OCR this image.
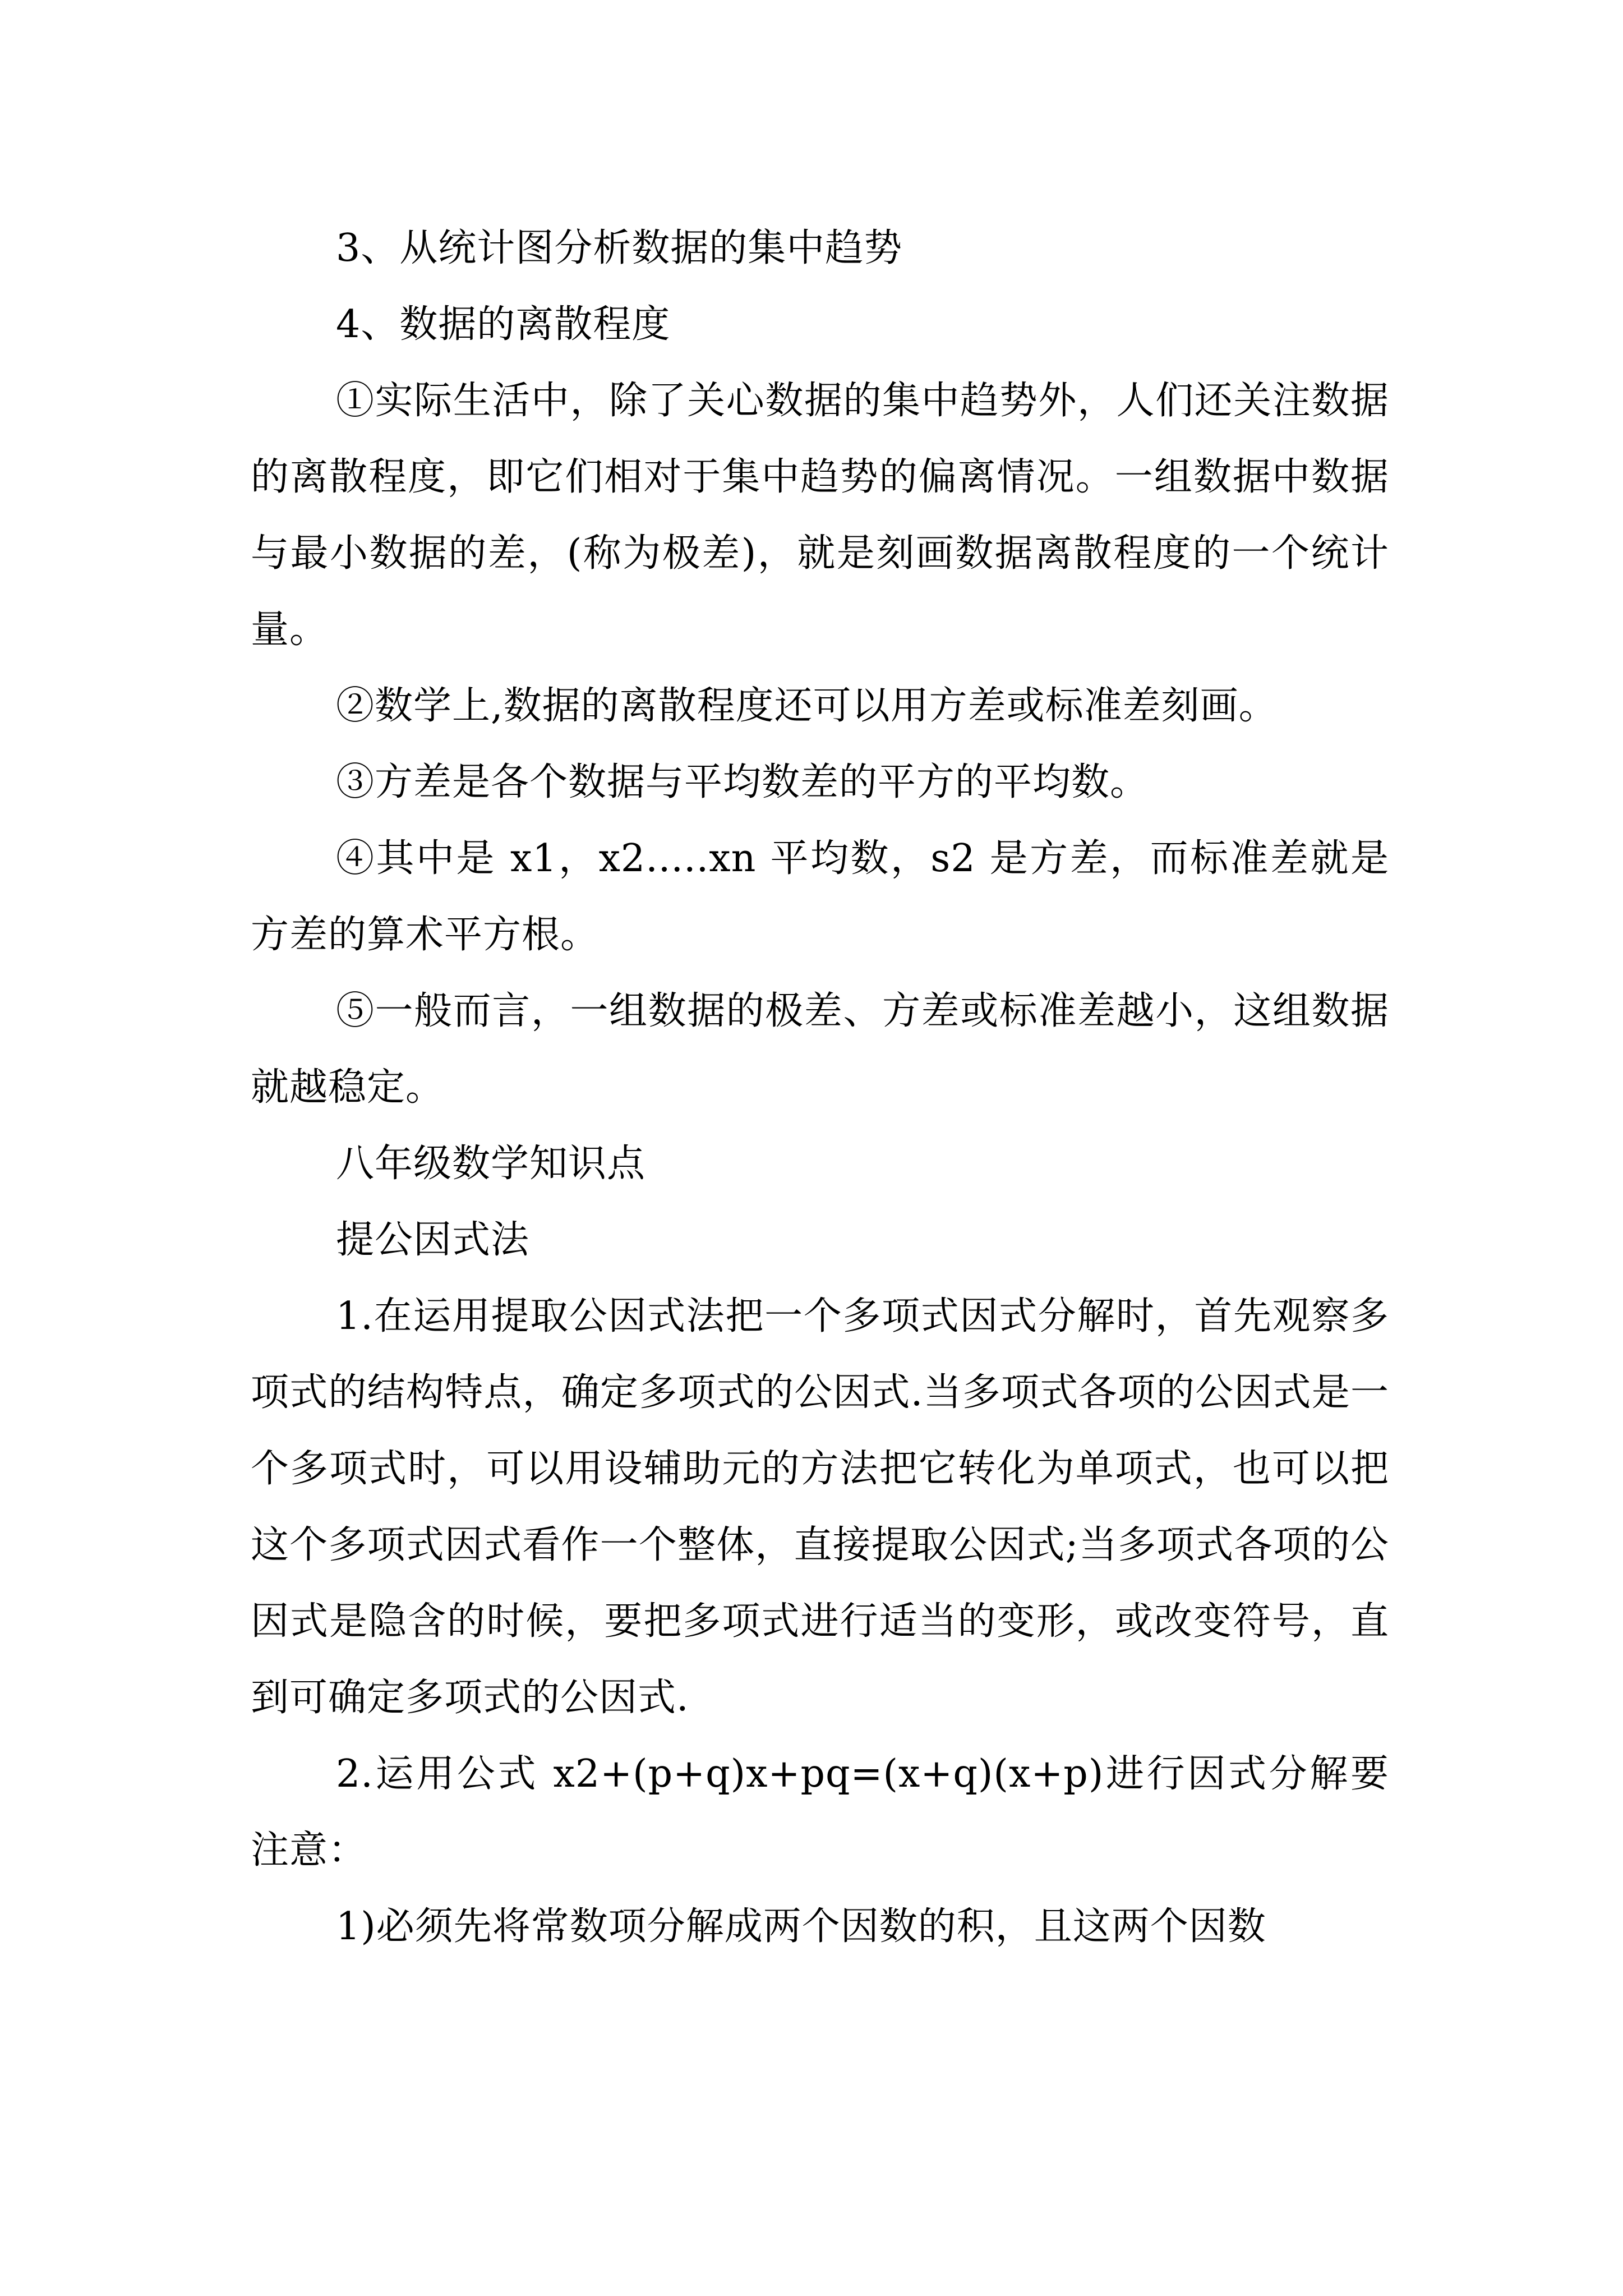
3、从统计图分析数据的集中趋势

4、数据的离散程度

①实际生活中，除了关心数据的集中趋势外，人们还关注数据的离散程度，即它们相对于集中趋势的偏离情况。一组数据中数据与最小数据的差，(称为极差)，就是刻画数据离散程度的一个统计量。

②数学上,数据的离散程度还可以用方差或标准差刻画。

③方差是各个数据与平均数差的平方的平均数。

④其中是 x1，x2.....xn 平均数，s2 是方差，而标准差就是方差的算术平方根。

⑤一般而言，一组数据的极差、方差或标准差越小，这组数据就越稳定。

八年级数学知识点

提公因式法

1.在运用提取公因式法把一个多项式因式分解时，首先观察多项式的结构特点，确定多项式的公因式.当多项式各项的公因式是一个多项式时，可以用设辅助元的方法把它转化为单项式，也可以把这个多项式因式看作一个整体，直接提取公因式;当多项式各项的公因式是隐含的时候，要把多项式进行适当的变形，或改变符号，直到可确定多项式的公因式.

2.运用公式 x2+(p+q)x+pq=(x+q)(x+p)进行因式分解要注意：

1)必须先将常数项分解成两个因数的积，且这两个因数
